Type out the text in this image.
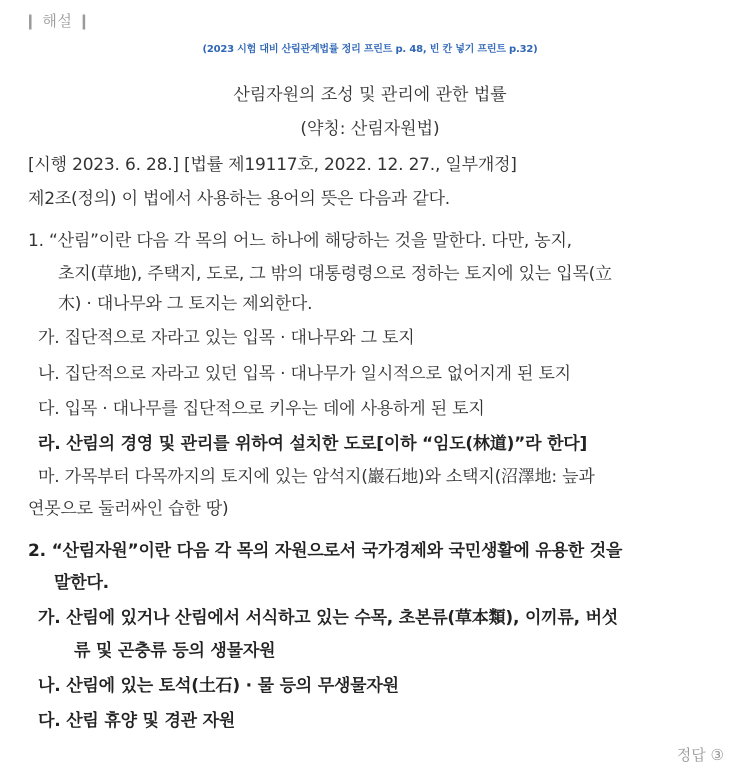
❙ 해설 ❙
(2023 시험 대비 산림관계법률 정리 프린트 p. 48, 빈 칸 넣기 프린트 p.32)
산림자원의 조성 및 관리에 관한 법률
(약칭: 산림자원법)
[시행 2023. 6. 28.] [법률 제19117호, 2022. 12. 27., 일부개정]
제2조(정의) 이 법에서 사용하는 용어의 뜻은 다음과 같다.
1. “산림”이란 다음 각 목의 어느 하나에 해당하는 것을 말한다. 다만, 농지,
초지(草地), 주택지, 도로, 그 밖의 대통령령으로 정하는 토지에 있는 입목(立
木) · 대나무와 그 토지는 제외한다.
가. 집단적으로 자라고 있는 입목 · 대나무와 그 토지
나. 집단적으로 자라고 있던 입목 · 대나무가 일시적으로 없어지게 된 토지
다. 입목 · 대나무를 집단적으로 키우는 데에 사용하게 된 토지
라. 산림의 경영 및 관리를 위하여 설치한 도로[이하 “임도(林道)”라 한다]
마. 가목부터 다목까지의 토지에 있는 암석지(巖石地)와 소택지(沼澤地: 늪과
연못으로 둘러싸인 습한 땅)
2. “산림자원”이란 다음 각 목의 자원으로서 국가경제와 국민생활에 유용한 것을
말한다.
가. 산림에 있거나 산림에서 서식하고 있는 수목, 초본류(草本類), 이끼류, 버섯
류 및 곤충류 등의 생물자원
나. 산림에 있는 토석(土石) · 물 등의 무생물자원
다. 산림 휴양 및 경관 자원
정답 ③
